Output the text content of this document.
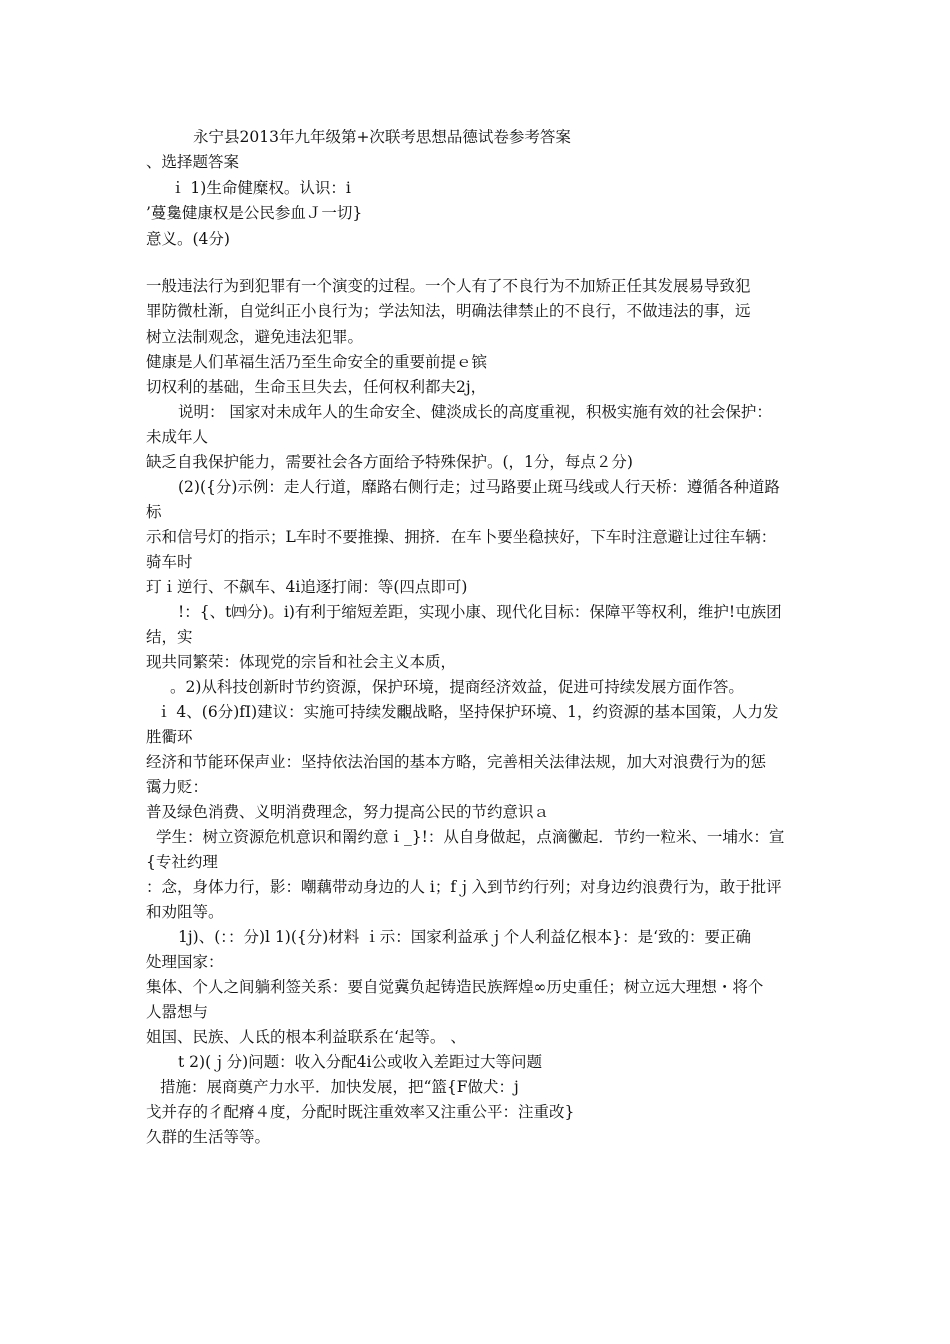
永宁县2013年九年级第+次联考思想品德试卷参考答案

、选择题答案

ｉ 1)生命健糜权。认识：i

’蔓毚健康权是公民参血Ｊ一切}

意义。(4分)

一般违法行为到犯罪有一个演变的过程。一个人有了不良行为不加矫正任其发展易导致犯

罪防微杜渐，自觉纠正小良行为；学法知法，明确法律禁止的不良行，不做违法的事，远

树立法制观念，避免违法犯罪。

健康是人们革福生活乃至生命安全的重要前提ｅ镔

切权利的基础，生命玉旦失去，任何权利都夫2j，

说明： 国家对未成年人的生命安全、健淡成长的高度重视，积极实施有效的社会保护：

未成年人

缺乏自我保护能力，需要社会各方面给予特殊保护。(，1分，每点２分)

(2)({分)示例：走人行道，靡路右侧行走；过马路要止斑马线或人行天桥：遵循各种道路

标

示和信号灯的指示；L车时不要推操、拥挤．在车卜要坐稳挟好，下车时注意避让过往车辆：

骑车时

玎ｉ逆行、不飙车、4i追逐打闹：等(四点即可)

!：{、t㈣分)。i)有利于缩短差距，实现小康、现代化目标：保障平等权利，维护!屯族团

结，实

现共同繁荣：体现党的宗旨和社会主义本质，

。2)从科技创新时节约资源，保护环境，提商经济效益，促进可持续发展方面作答。

ｉ 4、(6分)fI)建议：实施可持续发覼战略，坚持保护环境、1，约资源的基本国策，人力发

胜衢环

经济和节能环保声业：坚持依法治国的基本方略，完善相关法律法规，加大对浪费行为的惩

霭力贬：

普及绿色消费、义明消费理念，努力提高公民的节约意识ａ

学生：树立资源危机意识和罱约意ｉ_}!：从自身做起，点滴黴起．节约一粒米、一埔水：宣

{专社约理

：念，身体力行，影：嘲藕带动身边的人 i；fｊ入到节约行列；对身边约浪费行为，敢于批评

和劝阻等。

1j)、(：：分)l 1)({分)材料 ｉ示：国家利益承ｊ个人利益亿根本}：是‘致的：要正确

处理国家：

集体、个人之间躺利签关系：要自觉冀负起铸造民族辉煌∞历史重任；树立远大理想・将个

人嚣想与

姐国、民族、人氐的根本利益联系在‘起等。 、

t 2)(ｊ分)问题：收入分配4i公或收入差距过大等问题

措施：展商奠产力水平．加快发展，把“篮{F做犬：j

戈并存的彳配瘠４度，分配时既注重效率又注重公平：注重改}

久群的生活等等。
